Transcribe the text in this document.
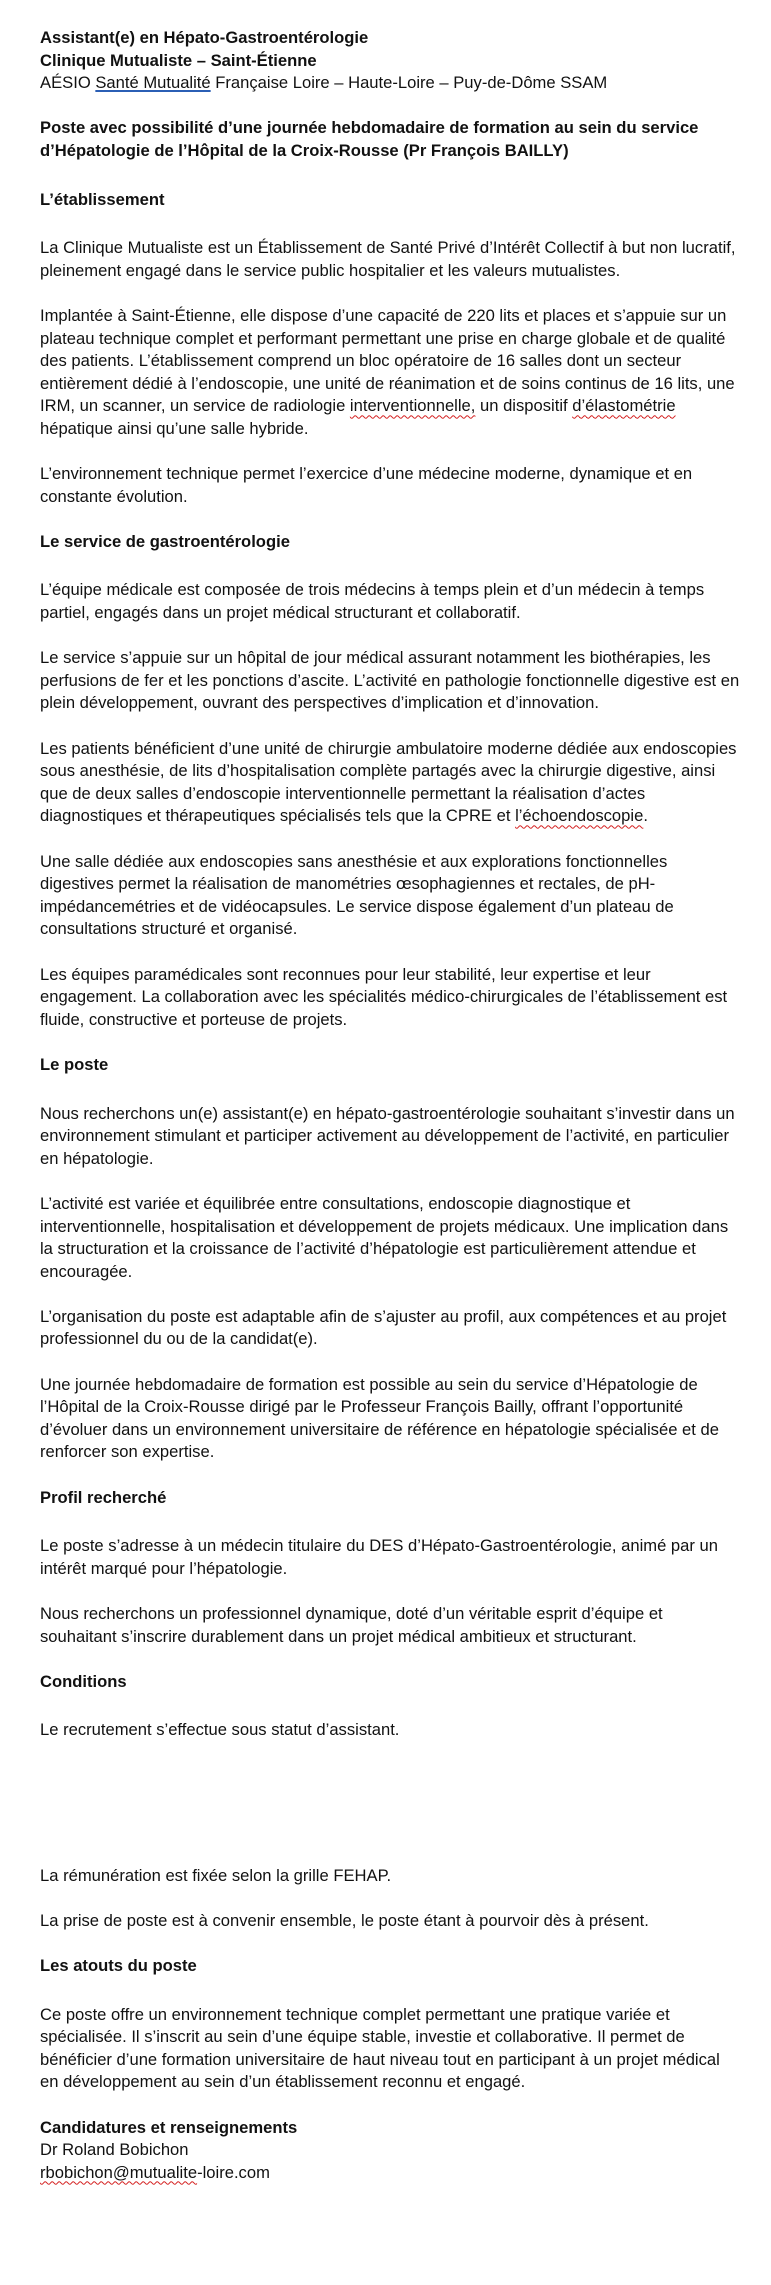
Assistant(e) en Hépato-Gastroentérologie
Clinique Mutualiste – Saint-Étienne
AÉSIO Santé Mutualité Française Loire – Haute-Loire – Puy-de-Dôme SSAM

Poste avec possibilité d’une journée hebdomadaire de formation au sein du service d’Hépatologie de l’Hôpital de la Croix-Rousse (Pr François BAILLY)

L’établissement

La Clinique Mutualiste est un Établissement de Santé Privé d’Intérêt Collectif à but non lucratif, pleinement engagé dans le service public hospitalier et les valeurs mutualistes.

Implantée à Saint-Étienne, elle dispose d’une capacité de 220 lits et places et s’appuie sur un plateau technique complet et performant permettant une prise en charge globale et de qualité des patients. L’établissement comprend un bloc opératoire de 16 salles dont un secteur entièrement dédié à l’endoscopie, une unité de réanimation et de soins continus de 16 lits, une IRM, un scanner, un service de radiologie interventionnelle, un dispositif d’élastométrie hépatique ainsi qu’une salle hybride.

L’environnement technique permet l’exercice d’une médecine moderne, dynamique et en constante évolution.

Le service de gastroentérologie

L’équipe médicale est composée de trois médecins à temps plein et d’un médecin à temps partiel, engagés dans un projet médical structurant et collaboratif.

Le service s’appuie sur un hôpital de jour médical assurant notamment les biothérapies, les perfusions de fer et les ponctions d’ascite. L’activité en pathologie fonctionnelle digestive est en plein développement, ouvrant des perspectives d’implication et d’innovation.

Les patients bénéficient d’une unité de chirurgie ambulatoire moderne dédiée aux endoscopies sous anesthésie, de lits d’hospitalisation complète partagés avec la chirurgie digestive, ainsi que de deux salles d’endoscopie interventionnelle permettant la réalisation d’actes diagnostiques et thérapeutiques spécialisés tels que la CPRE et l’échoendoscopie.

Une salle dédiée aux endoscopies sans anesthésie et aux explorations fonctionnelles digestives permet la réalisation de manométries œsophagiennes et rectales, de pH-impédancemétries et de vidéocapsules. Le service dispose également d’un plateau de consultations structuré et organisé.

Les équipes paramédicales sont reconnues pour leur stabilité, leur expertise et leur engagement. La collaboration avec les spécialités médico-chirurgicales de l’établissement est fluide, constructive et porteuse de projets.

Le poste

Nous recherchons un(e) assistant(e) en hépato-gastroentérologie souhaitant s’investir dans un environnement stimulant et participer activement au développement de l’activité, en particulier en hépatologie.

L’activité est variée et équilibrée entre consultations, endoscopie diagnostique et interventionnelle, hospitalisation et développement de projets médicaux. Une implication dans la structuration et la croissance de l’activité d’hépatologie est particulièrement attendue et encouragée.

L’organisation du poste est adaptable afin de s’ajuster au profil, aux compétences et au projet professionnel du ou de la candidat(e).

Une journée hebdomadaire de formation est possible au sein du service d’Hépatologie de l’Hôpital de la Croix-Rousse dirigé par le Professeur François Bailly, offrant l’opportunité d’évoluer dans un environnement universitaire de référence en hépatologie spécialisée et de renforcer son expertise.

Profil recherché

Le poste s’adresse à un médecin titulaire du DES d’Hépato-Gastroentérologie, animé par un intérêt marqué pour l’hépatologie.

Nous recherchons un professionnel dynamique, doté d’un véritable esprit d’équipe et souhaitant s’inscrire durablement dans un projet médical ambitieux et structurant.

Conditions

Le recrutement s’effectue sous statut d’assistant.

La rémunération est fixée selon la grille FEHAP.

La prise de poste est à convenir ensemble, le poste étant à pourvoir dès à présent.

Les atouts du poste

Ce poste offre un environnement technique complet permettant une pratique variée et spécialisée. Il s’inscrit au sein d’une équipe stable, investie et collaborative. Il permet de bénéficier d’une formation universitaire de haut niveau tout en participant à un projet médical en développement au sein d’un établissement reconnu et engagé.

Candidatures et renseignements
Dr Roland Bobichon
rbobichon@mutualite-loire.com
